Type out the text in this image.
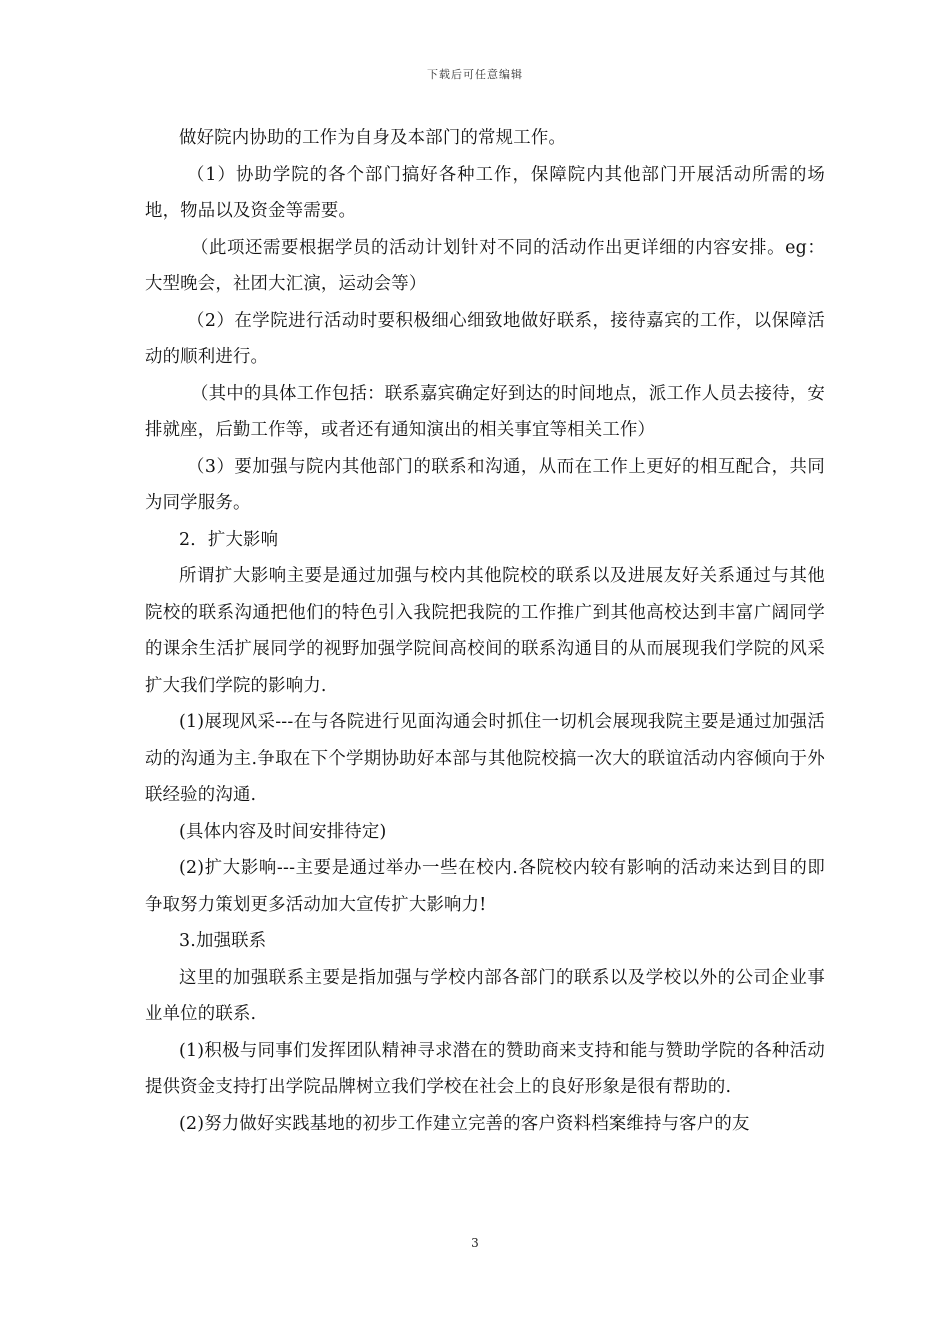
下载后可任意编辑

做好院内协助的工作为自身及本部门的常规工作。

（1）协助学院的各个部门搞好各种工作，保障院内其他部门开展活动所需的场地，物品以及资金等需要。

（此项还需要根据学员的活动计划针对不同的活动作出更详细的内容安排。eg：大型晚会，社团大汇演，运动会等）

（2）在学院进行活动时要积极细心细致地做好联系，接待嘉宾的工作，以保障活动的顺利进行。

（其中的具体工作包括：联系嘉宾确定好到达的时间地点，派工作人员去接待，安排就座，后勤工作等，或者还有通知演出的相关事宜等相关工作）

（3）要加强与院内其他部门的联系和沟通，从而在工作上更好的相互配合，共同为同学服务。

2．扩大影响

所谓扩大影响主要是通过加强与校内其他院校的联系以及进展友好关系通过与其他院校的联系沟通把他们的特色引入我院把我院的工作推广到其他高校达到丰富广阔同学的课余生活扩展同学的视野加强学院间高校间的联系沟通目的从而展现我们学院的风采扩大我们学院的影响力.

(1)展现风采---在与各院进行见面沟通会时抓住一切机会展现我院主要是通过加强活动的沟通为主.争取在下个学期协助好本部与其他院校搞一次大的联谊活动内容倾向于外联经验的沟通.

(具体内容及时间安排待定)

(2)扩大影响---主要是通过举办一些在校内.各院校内较有影响的活动来达到目的即争取努力策划更多活动加大宣传扩大影响力!

3.加强联系

这里的加强联系主要是指加强与学校内部各部门的联系以及学校以外的公司企业事业单位的联系.

(1)积极与同事们发挥团队精神寻求潜在的赞助商来支持和能与赞助学院的各种活动提供资金支持打出学院品牌树立我们学校在社会上的良好形象是很有帮助的.

(2)努力做好实践基地的初步工作建立完善的客户资料档案维持与客户的友

3
